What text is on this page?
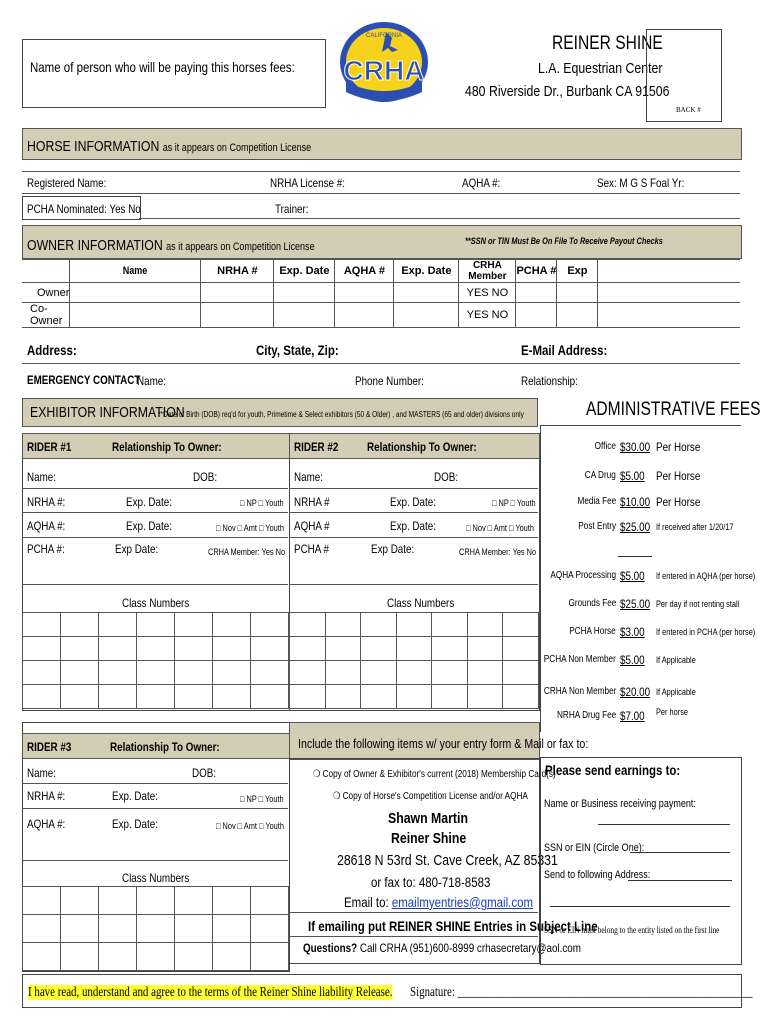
Name of person who will be paying this horses fees:
CALIFORNIA
CRHA
REINER SHINE
L.A. Equestrian Center
480 Riverside Dr., Burbank CA 91506
BACK #
HORSE INFORMATION as it appears on Competition License
Registered Name:	NRHA License #:	AQHA #:	Sex: M G S Foal Yr:
PCHA Nominated: Yes No	Trainer:
OWNER INFORMATION as it appears on Competition License	**SSN or TIN Must Be On File To Receive Payout Checks
	Name	NRHA #	Exp. Date	AQHA #	Exp. Date	CRHA Member	PCHA #	Exp	
Owner						YES NO			
Co-Owner						YES NO			
Address:	City, State, Zip:	E-Mail Address:
EMERGENCY CONTACT
Name:	Phone Number:	Relationship:
EXHIBITOR INFORMATION
**Date of Birth (DOB) req'd for youth, Primetime & Select exhibitors (50 & Older) , and MASTERS (65 and older) divisions only
RIDER #1	Relationship To Owner:
Name:	DOB:
NRHA #:	Exp. Date:	□ NP □ Youth
AQHA #:	Exp. Date:	□ Nov □ Amt □ Youth
PCHA #:	Exp Date:	CRHA Member: Yes No
Class Numbers

RIDER #2 Relationship To Owner:
Name:	DOB:
NRHA #	Exp. Date:	□ NP □ Youth
AQHA #	Exp. Date:	□ Nov □ Amt □ Youth
PCHA #	Exp Date:	CRHA Member: Yes No
Class Numbers

ADMINISTRATIVE FEES
Office $30.00 Per Horse
CA Drug $5.00 Per Horse
Media Fee $10.00 Per Horse
Post Entry $25.00 If received after 1/20/17
AQHA Processing $5.00 If entered in AQHA (per horse)
Grounds Fee $25.00 Per day if not renting stall
PCHA Horse $3.00 If entered in PCHA (per horse)
PCHA Non Member $5.00 If Applicable
CRHA Non Member $20.00 If Applicable
NRHA Drug Fee $7.00 Per horse
RIDER #3	Relationship To Owner:
Name:	DOB:
NRHA #:	Exp. Date:	□ NP □ Youth
AQHA #:	Exp. Date:	□ Nov □ Amt □ Youth
Class Numbers

Include the following items w/ your entry form & Mail or fax to:
❍ Copy of Owner & Exhibitor's current (2018) Membership Card(s)
❍ Copy of Horse's Competition License and/or AQHA
Shawn Martin
Reiner Shine
28618 N 53rd St. Cave Creek, AZ 85331
or fax to: 480-718-8583
Email to: emailmyentries@gmail.com
If emailing put REINER SHINE Entries in Subject Line
Questions? Call CRHA (951)600-8999 crhasecretary@aol.com
Please send earnings to:
Name or Business receiving payment:
SSN or EIN (Circle One):
Send to following Address:
SSN or EIN must belong to the entity listed on the first line
I have read, understand and agree to the terms of the Reiner Shine liability Release. Signature: ______________________________________________________
